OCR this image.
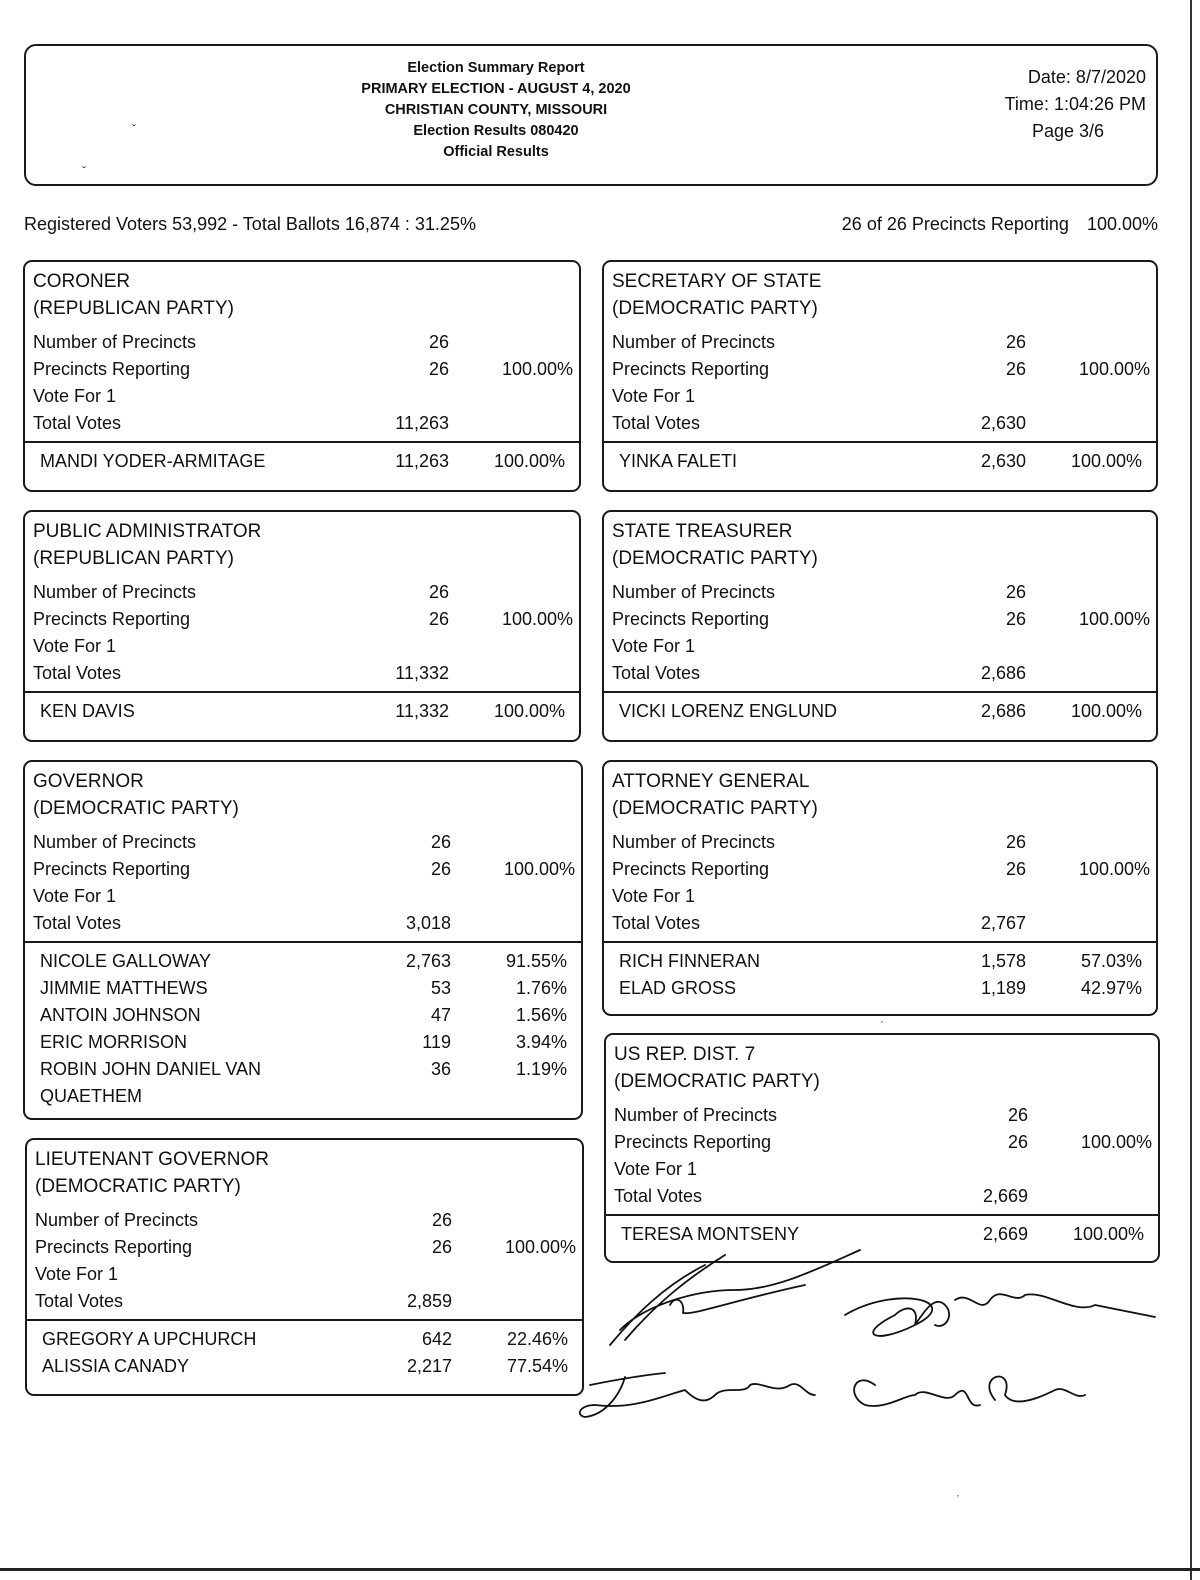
Election Summary Report
PRIMARY ELECTION - AUGUST 4, 2020
CHRISTIAN COUNTY, MISSOURI
Election Results 080420
Official Results
Date: 8/7/2020
Time: 1:04:26 PM
Page 3/6
ˇ
ˇ
Registered Voters 53,992 - Total Ballots 16,874 : 31.25%	26 of 26 Precincts Reporting 100.00%
CORONER
(REPUBLICAN PARTY)
Number of Precincts	26
Precincts Reporting	26	100.00%
Vote For 1
Total Votes	11,263
MANDI YODER-ARMITAGE	11,263 100.00%
PUBLIC ADMINISTRATOR
(REPUBLICAN PARTY)
Number of Precincts	26
Precincts Reporting	26	100.00%
Vote For 1
Total Votes	11,332
KEN DAVIS	11,332 100.00%
GOVERNOR
(DEMOCRATIC PARTY)
Number of Precincts	26
Precincts Reporting	26	100.00%
Vote For 1
Total Votes	3,018
NICOLE GALLOWAY	2,763	91.55%
JIMMIE MATTHEWS	53	1.76%
ANTOIN JOHNSON	47	1.56%
ERIC MORRISON	119	3.94%
ROBIN JOHN DANIEL VAN QUAETHEM
36	1.19%
LIEUTENANT GOVERNOR
(DEMOCRATIC PARTY)
Number of Precincts	26
Precincts Reporting	26	100.00%
Vote For 1
Total Votes	2,859
GREGORY A UPCHURCH	642	22.46%
ALISSIA CANADY	2,217	77.54%
SECRETARY OF STATE
(DEMOCRATIC PARTY)
Number of Precincts	26
Precincts Reporting	26	100.00%
Vote For 1
Total Votes	2,630
YINKA FALETI	2,630 100.00%
STATE TREASURER
(DEMOCRATIC PARTY)
Number of Precincts	26
Precincts Reporting	26	100.00%
Vote For 1
Total Votes	2,686
VICKI LORENZ ENGLUND	2,686 100.00%
ATTORNEY GENERAL
(DEMOCRATIC PARTY)
Number of Precincts	26
Precincts Reporting	26	100.00%
Vote For 1
Total Votes	2,767
RICH FINNERAN	1,578	57.03%
ELAD GROSS	1,189	42.97%
US REP. DIST. 7
(DEMOCRATIC PARTY)
Number of Precincts	26
Precincts Reporting	26	100.00%
Vote For 1
Total Votes	2,669
TERESA MONTSENY	2,669 100.00%
·
·
